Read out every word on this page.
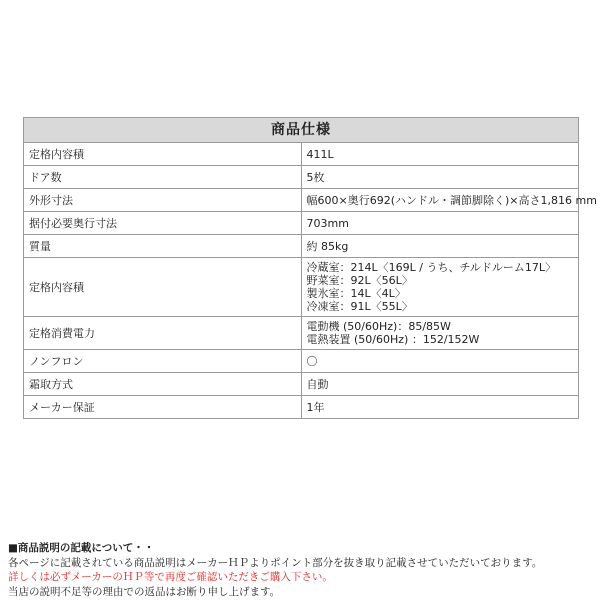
商品仕様	
定格内容積	411L

ドア数	5枚

外形寸法	幅600×奥行692(ハンドル・調節脚除く)×高さ1,816 mm

据付必要奥行寸法	703mm

質量	約 85kg

定格内容積	冷蔵室：214L〈169L / うち、チルドルーム17L〉
野菜室：92L〈56L〉
製氷室：14L〈4L〉
冷凍室：91L〈55L〉

定格消費電力	電動機 (50/60Hz)：85/85W
電熱装置 (50/60Hz) ：152/152W

ノンフロン	〇

霜取方式	自動

メーカー保証	1年
■商品説明の記載について・・
各ページに記載されている商品説明はメーカーＨＰよりポイント部分を抜き取り記載させていただいております。
詳しくは必ずメーカーのＨＰ等で再度ご確認いただきご購入下さい。
当店の説明不足等の理由での返品はお断り申し上げます。
